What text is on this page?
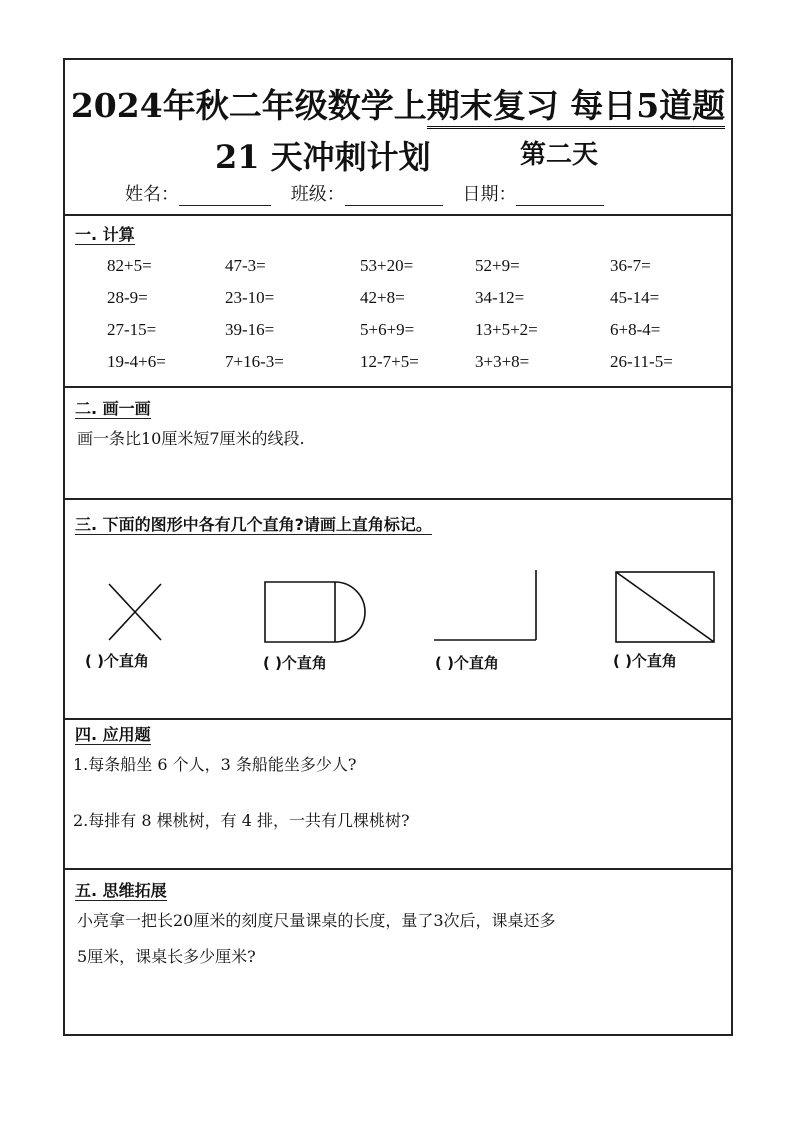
2024年秋二年级数学上期末复习 每日5道题
21 天冲刺计划	第二天
姓名：	班级：	日期：
一. 计算
82+5=	47-3=	53+20=	52+9=	36-7=
28-9=	23-10=	42+8=	34-12=	45-14=
27-15=	39-16=	5+6+9=	13+5+2=	6+8-4=
19-4+6=	7+16-3=	12-7+5=	3+3+8=	26-11-5=
二. 画一画
画一条比10厘米短7厘米的线段.
三. 下面的图形中各有几个直角?请画上直角标记。
( )个直角	( )个直角	( )个直角	( )个直角
四. 应用题
1.每条船坐 6 个人，3 条船能坐多少人?
2.每排有 8 棵桃树，有 4 排，一共有几棵桃树?
五. 思维拓展
小亮拿一把长20厘米的刻度尺量课桌的长度，量了3次后，课桌还多
5厘米，课桌长多少厘米?
